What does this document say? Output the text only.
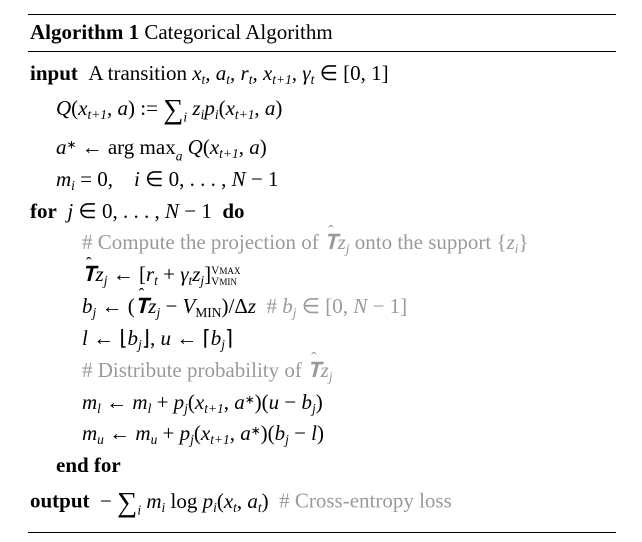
Algorithm 1 Categorical Algorithm
input  A transition xt, at, rt, xt+1, γt ∈ [0, 1]
Q(xt+1, a) := $\sum_i$ zipi(xt+1, a)
a∗ ← arg $\max_a Q(xt+1$, a)
mi = 0,    i ∈ 0, . . . , N − 1
for  j ∈ 0, . . . , N − 1  do
# Compute the projection of 𝐓zj onto the support {zi}
𝐓zj ← [rt + γtzj]VMAX
VMIN
bj ← (
𝐓zj − VMIN)/Δz  # bj ∈ [0, N − 1]
l ← ⌊bj⌋, u ← ⌈bj⌉
# Distribute probability of 𝐓zj
ml ← ml + pj(xt+1, a∗)(u − bj)
mu ← mu + pj(xt+1, a∗)(bj − l)
end for
output − $\sum_i$ mi log pi(xt, at)  # Cross-entropy loss
